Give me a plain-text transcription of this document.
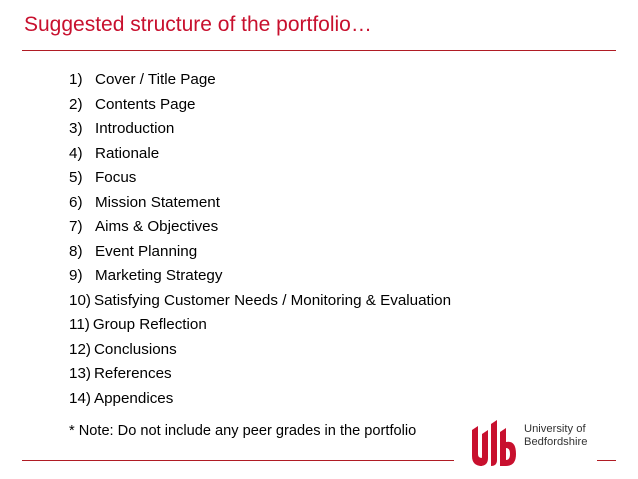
Suggested structure of the portfolio…
1) Cover / Title Page
2) Contents Page
3) Introduction
4) Rationale
5) Focus
6) Mission Statement
7) Aims & Objectives
8) Event Planning
9) Marketing Strategy
10) Satisfying Customer Needs / Monitoring & Evaluation
11) Group Reflection
12) Conclusions
13) References
14) Appendices
* Note: Do not include any peer grades in the portfolio	University of
Bedfordshire
